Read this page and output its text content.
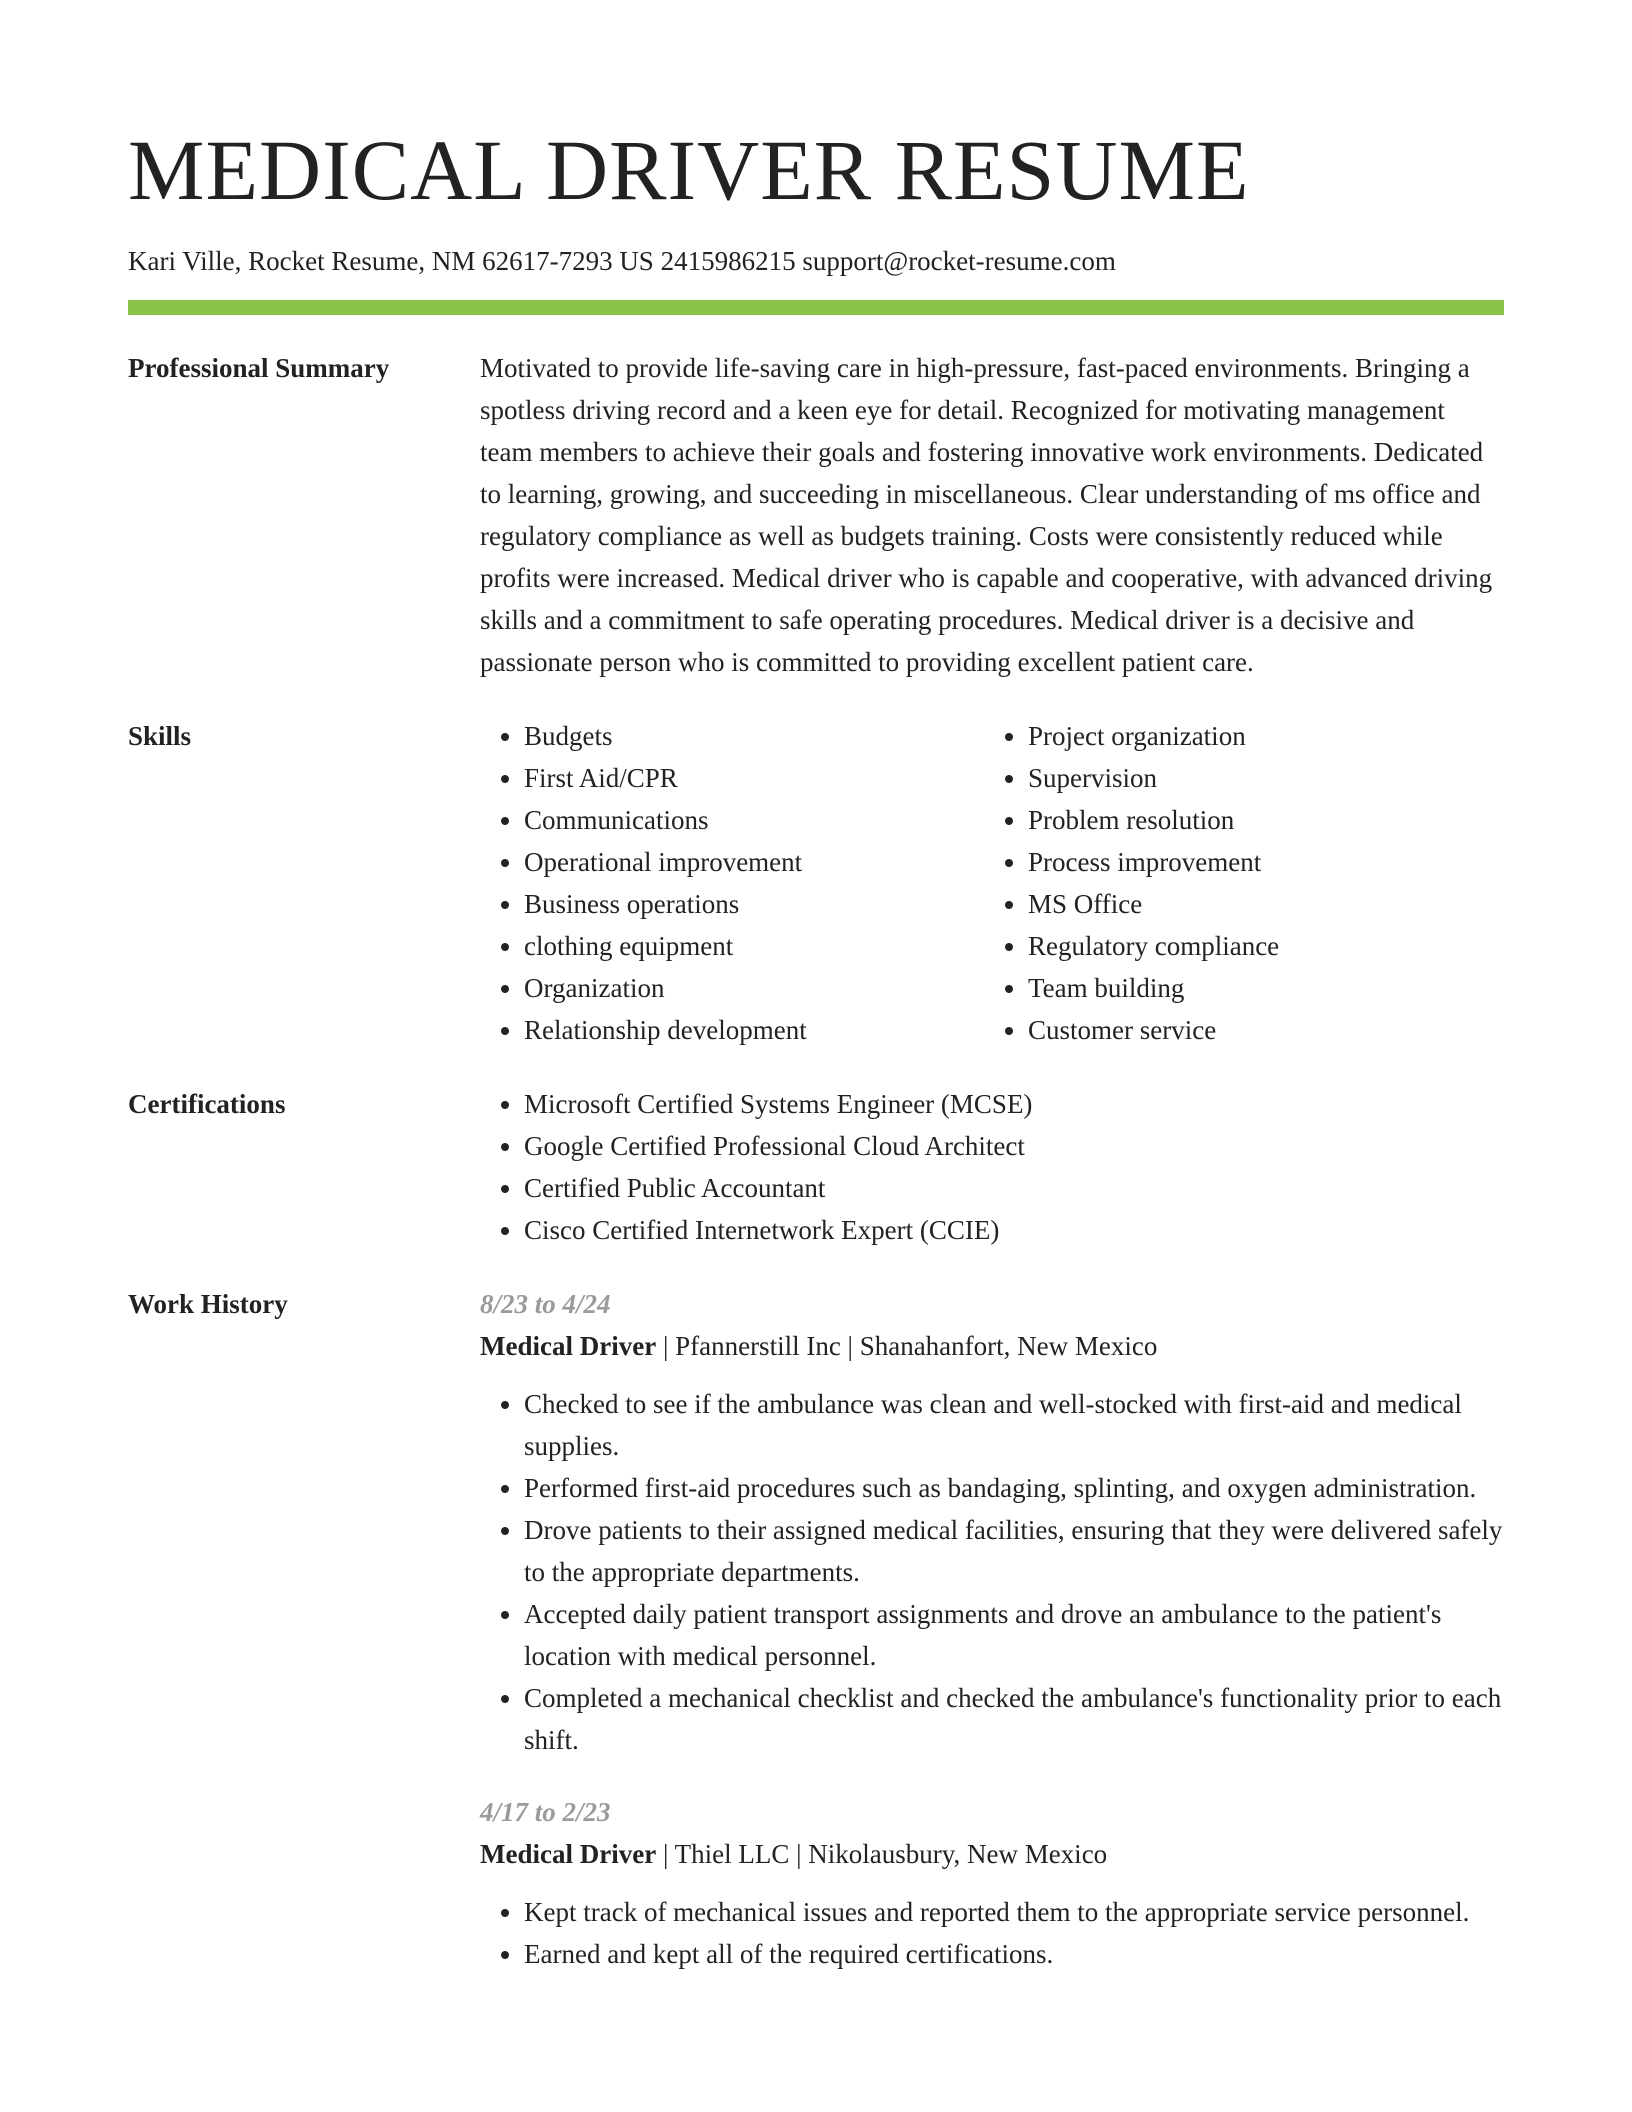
MEDICAL DRIVER RESUME
Kari Ville, Rocket Resume, NM 62617-7293 US 2415986215 support@rocket-resume.com
Professional Summary	Motivated to provide life-saving care in high-pressure, fast-paced environments. Bringing a spotless driving record and a keen eye for detail. Recognized for motivating management team members to achieve their goals and fostering innovative work environments. Dedicated to learning, growing, and succeeding in miscellaneous. Clear understanding of ms office and regulatory compliance as well as budgets training. Costs were consistently reduced while profits were increased. Medical driver who is capable and cooperative, with advanced driving skills and a commitment to safe operating procedures. Medical driver is a decisive and passionate person who is committed to providing excellent patient care.

Skills	• Budgets
• First Aid/CPR
• Communications
• Operational improvement
• Business operations
• clothing equipment
• Organization
• Relationship development
• Project organization
• Supervision
• Problem resolution
• Process improvement
• MS Office
• Regulatory compliance
• Team building
• Customer service
Certifications	• Microsoft Certified Systems Engineer (MCSE)
• Google Certified Professional Cloud Architect
• Certified Public Accountant
• Cisco Certified Internetwork Expert (CCIE)
Work History	8/23 to 4/24
Medical Driver | Pfannerstill Inc | Shanahanfort, New Mexico
• Checked to see if the ambulance was clean and well-stocked with first-aid and medical supplies.
• Performed first-aid procedures such as bandaging, splinting, and oxygen administration.
• Drove patients to their assigned medical facilities, ensuring that they were delivered safely to the appropriate departments.
• Accepted daily patient transport assignments and drove an ambulance to the patient's location with medical personnel.
• Completed a mechanical checklist and checked the ambulance's functionality prior to each shift.
4/17 to 2/23
Medical Driver | Thiel LLC | Nikolausbury, New Mexico
• Kept track of mechanical issues and reported them to the appropriate service personnel.
• Earned and kept all of the required certifications.
